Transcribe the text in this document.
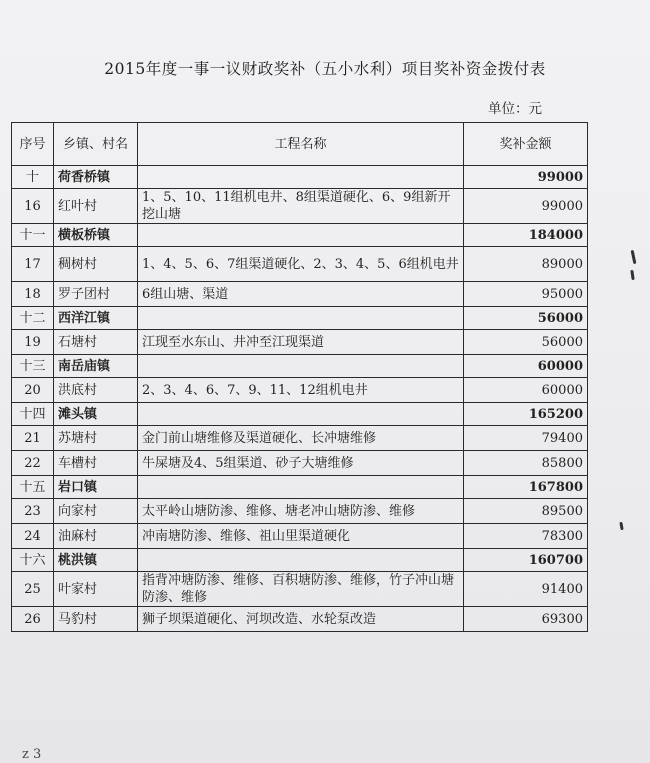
2015年度一事一议财政奖补（五小水利）项目奖补资金拨付表
单位：元
序号	乡镇、村名	工程名称	奖补金额
十	荷香桥镇		99000
16	红叶村	1、5、10、11组机电井、8组渠道硬化、6、9组新开挖山塘	99000
十一	横板桥镇		184000
17	稠树村	1、4、5、6、7组渠道硬化、2、3、4、5、6组机电井	89000
18	罗子团村	6组山塘、渠道	95000
十二	西洋江镇		56000
19	石塘村	江现至水东山、井冲至江现渠道	56000
十三	南岳庙镇		60000
20	洪底村	2、3、4、6、7、9、11、12组机电井	60000
十四	滩头镇		165200
21	苏塘村	金门前山塘维修及渠道硬化、长冲塘维修	79400
22	车槽村	牛屎塘及4、5组渠道、砂子大塘维修	85800
十五	岩口镇		167800
23	向家村	太平岭山塘防渗、维修、塘老冲山塘防渗、维修	89500
24	油麻村	冲南塘防渗、维修、祖山里渠道硬化	78300
十六	桃洪镇		160700
25	叶家村	指背冲塘防渗、维修、百积塘防渗、维修，竹子冲山塘防渗、维修	91400
26	马豹村	狮子坝渠道硬化、河坝改造、水轮泵改造	69300
z 3
